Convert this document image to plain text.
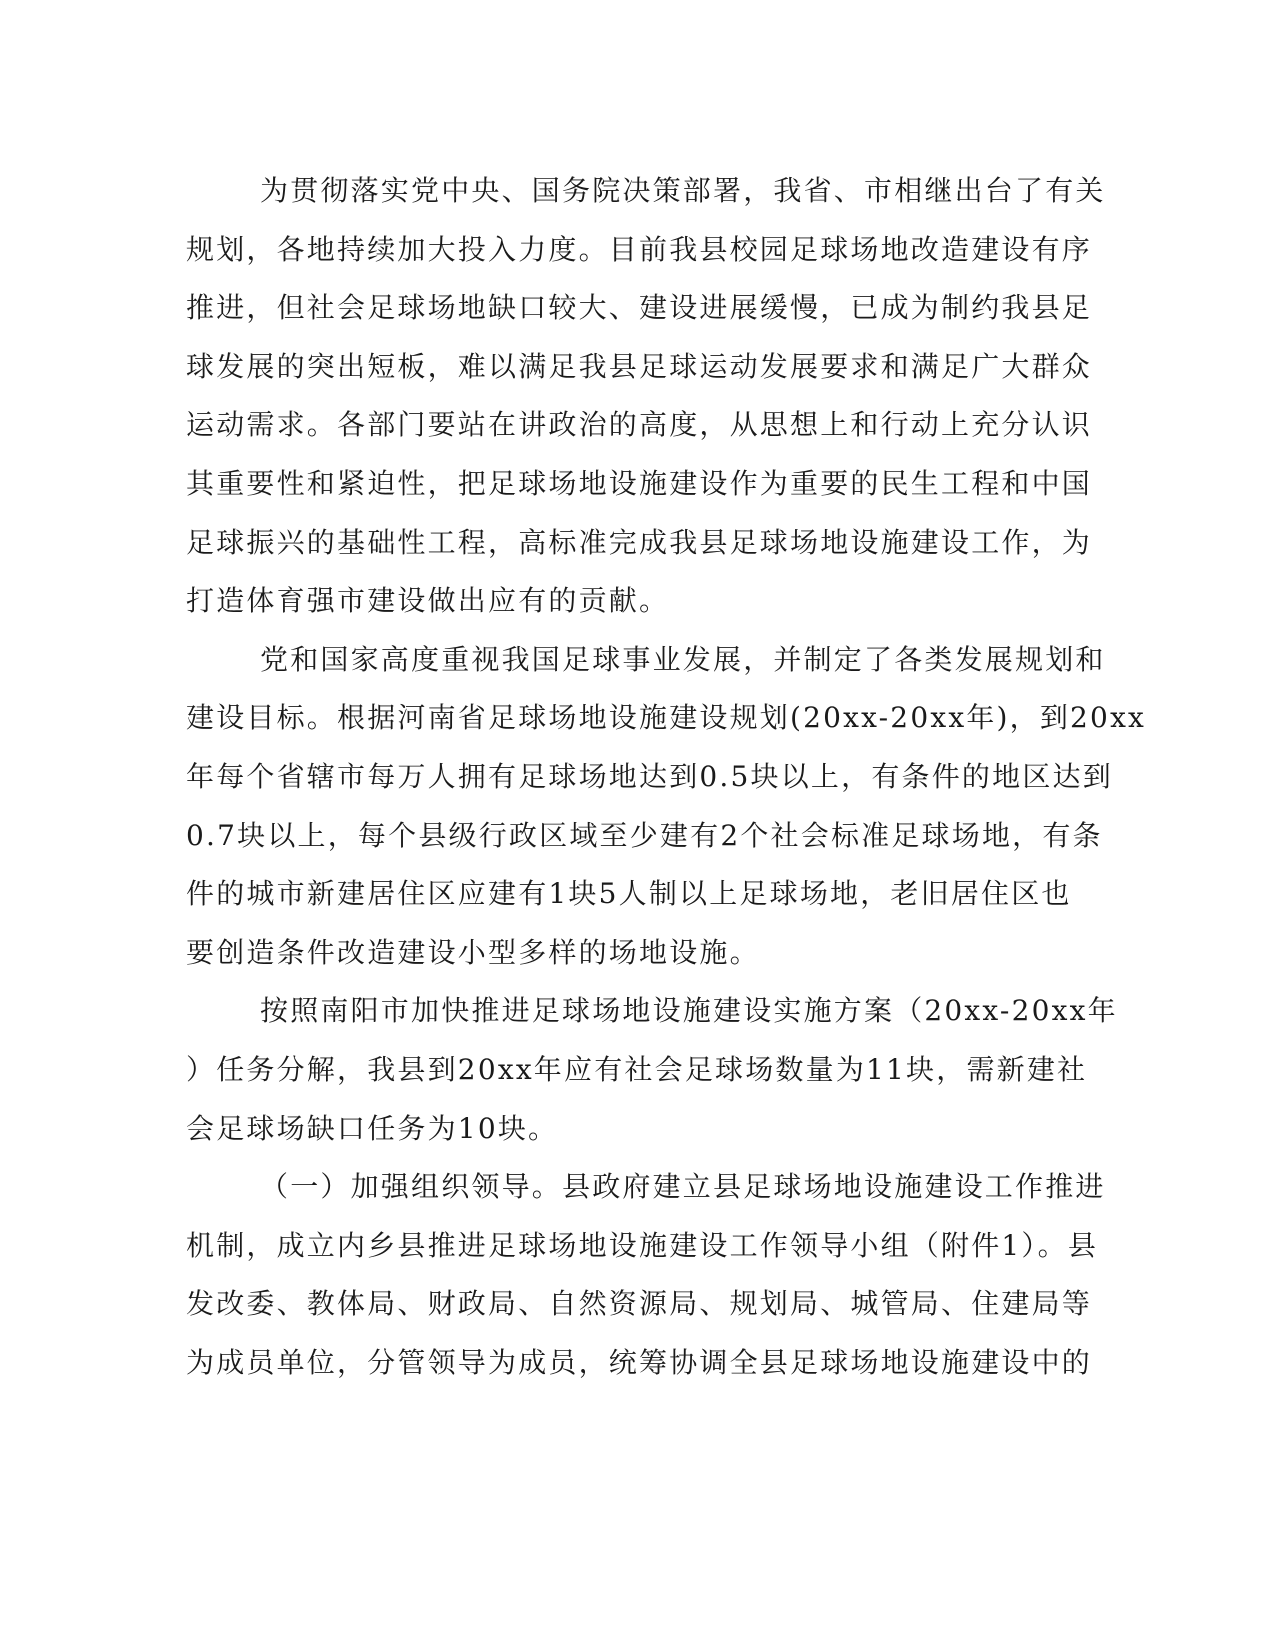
为贯彻落实党中央、国务院决策部署，我省、市相继出台了有关
规划，各地持续加大投入力度。目前我县校园足球场地改造建设有序
推进，但社会足球场地缺口较大、建设进展缓慢，已成为制约我县足
球发展的突出短板，难以满足我县足球运动发展要求和满足广大群众
运动需求。各部门要站在讲政治的高度，从思想上和行动上充分认识
其重要性和紧迫性，把足球场地设施建设作为重要的民生工程和中国
足球振兴的基础性工程，高标准完成我县足球场地设施建设工作，为
打造体育强市建设做出应有的贡献。
党和国家高度重视我国足球事业发展，并制定了各类发展规划和
建设目标。根据河南省足球场地设施建设规划(20xx-20xx年)，到20xx
年每个省辖市每万人拥有足球场地达到0.5块以上，有条件的地区达到
0.7块以上，每个县级行政区域至少建有2个社会标准足球场地，有条
件的城市新建居住区应建有1块5人制以上足球场地，老旧居住区也
要创造条件改造建设小型多样的场地设施。
按照南阳市加快推进足球场地设施建设实施方案（20xx-20xx年
）任务分解，我县到20xx年应有社会足球场数量为11块，需新建社
会足球场缺口任务为10块。
（一）加强组织领导。县政府建立县足球场地设施建设工作推进
机制，成立内乡县推进足球场地设施建设工作领导小组（附件1）。县
发改委、教体局、财政局、自然资源局、规划局、城管局、住建局等
为成员单位，分管领导为成员，统筹协调全县足球场地设施建设中的
